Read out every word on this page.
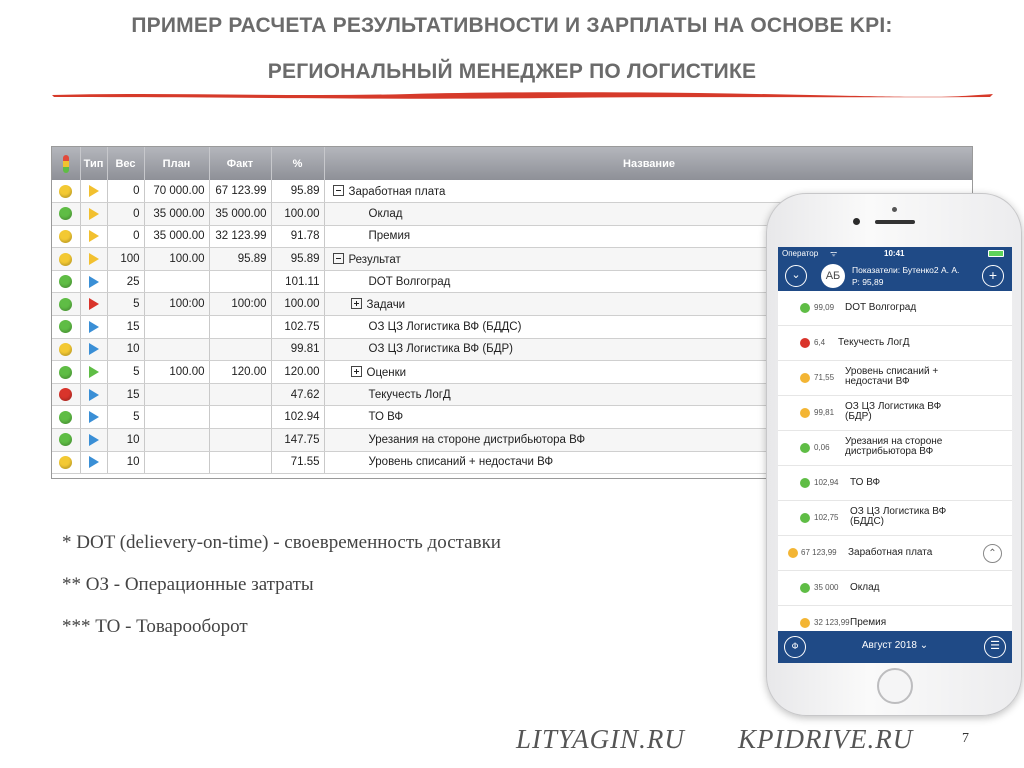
ПРИМЕР РАСЧЕТА РЕЗУЛЬТАТИВНОСТИ И ЗАРПЛАТЫ НА ОСНОВЕ KPI:
РЕГИОНАЛЬНЫЙ МЕНЕДЖЕР ПО ЛОГИСТИКЕ
	Тип	Вес	План	Факт	%	Название
		0	70 000.00	67 123.99	95.89	Заработная плата
		0	35 000.00	35 000.00	100.00	Оклад
		0	35 000.00	32 123.99	91.78	Премия
		100	100.00	95.89	95.89	Результат
		25			101.11	DOT Волгоград
		5	100:00	100:00	100.00	Задачи
		15			102.75	ОЗ ЦЗ Логистика ВФ (БДДС)
		10			99.81	ОЗ ЦЗ Логистика ВФ (БДР)
		5	100.00	120.00	120.00	Оценки
		15			47.62	Текучесть ЛогД
		5			102.94	ТО ВФ
		10			147.75	Урезания на стороне дистрибьютора ВФ
		10			71.55	Уровень списаний + недостачи ВФ
* DOT (delievery-on-time) - своевременность доставки
** ОЗ - Операционные затраты
*** ТО - Товарооборот
LITYAGIN.RU KPIDRIVE.RU	7
Оператор ᯤ	10:41
⌄	АБ	Показатели: Бутенко2 А. А.
Р: 95,89	+
99,09 DOT Волгоград
6,4 Текучесть ЛогД
71,55
Уровень списаний +
недостачи ВФ
99,81
ОЗ ЦЗ Логистика ВФ
(БДР)
0,06
Урезания на стороне
дистрибьютора ВФ
102,94 ТО ВФ
102,75
ОЗ ЦЗ Логистика ВФ
(БДДС)
67 123,99 Заработная плата	⌃
35 000 Оклад
32 123,99 Премия
Ф	Август 2018 ⌄	☰
